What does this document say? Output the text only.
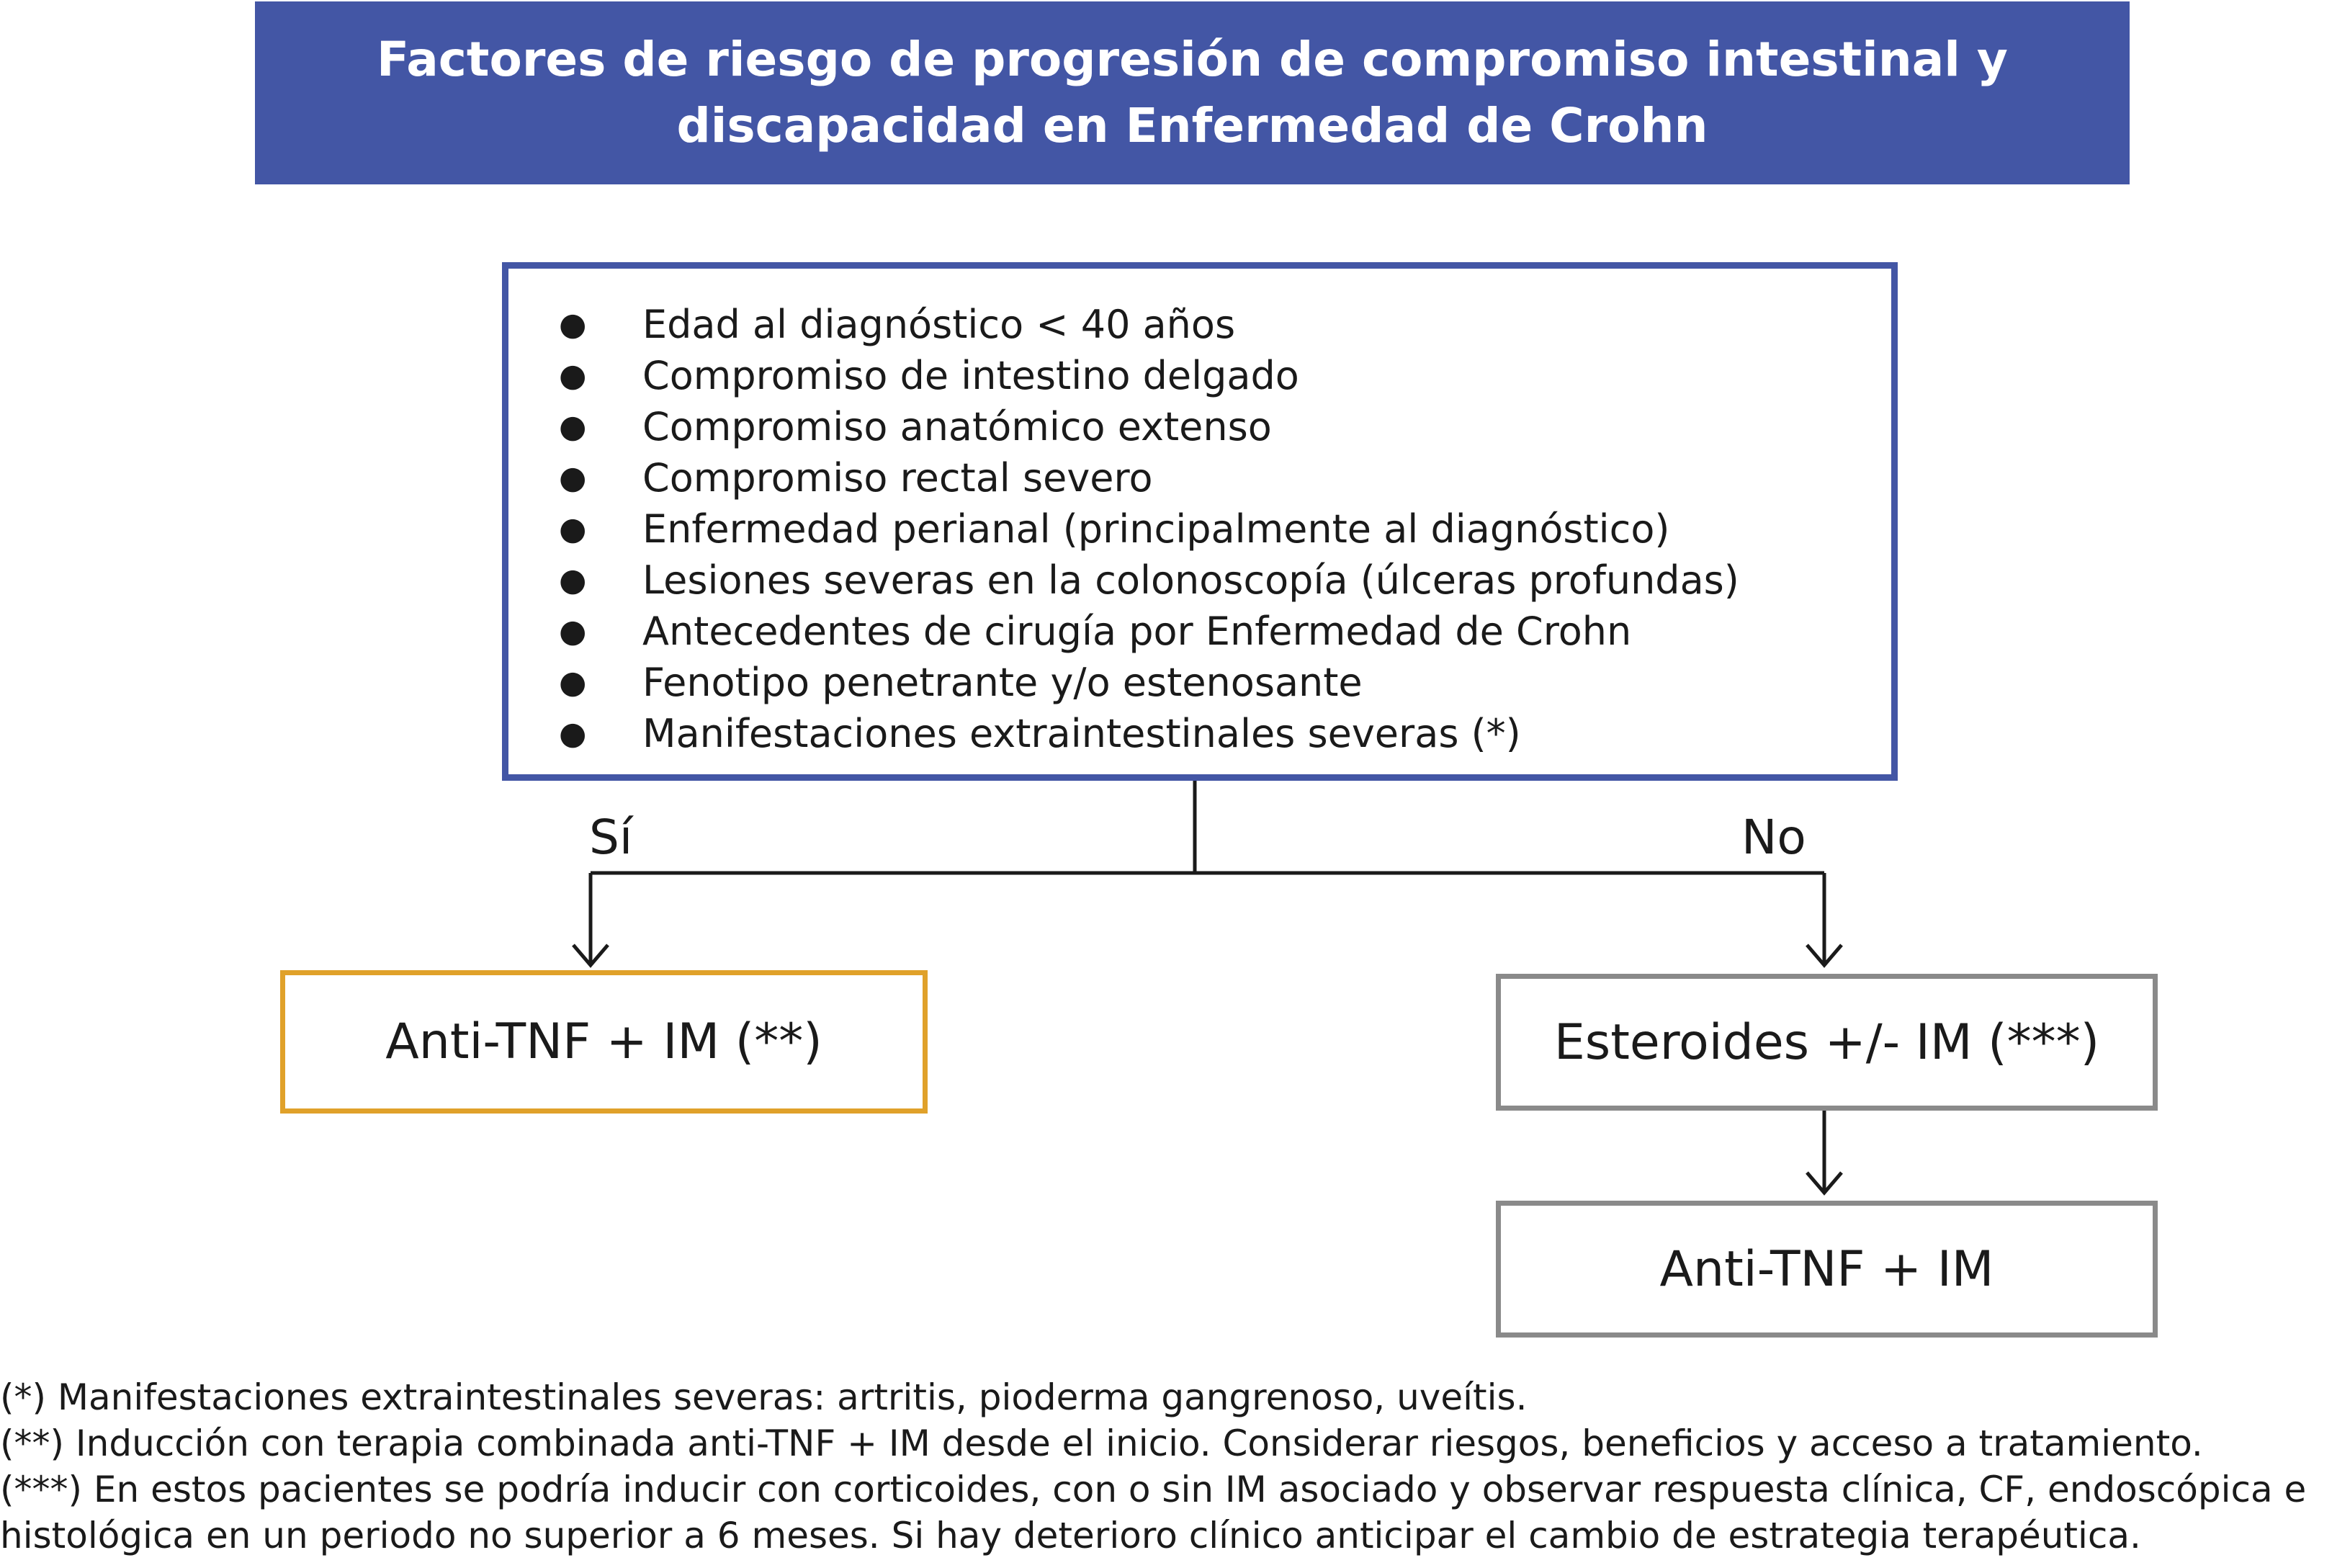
Factores de riesgo de progresión de compromiso intestinal y discapacidad en Enfermedad de Crohn
●	Edad al diagnóstico < 40 años
●	Compromiso de intestino delgado
●	Compromiso anatómico extenso
●	Compromiso rectal severo
●	Enfermedad perianal (principalmente al diagnóstico)
●	Lesiones severas en la colonoscopía (úlceras profundas)
●	Antecedentes de cirugía por Enfermedad de Crohn
●	Fenotipo penetrante y/o estenosante
●	Manifestaciones extraintestinales severas (*)
Sí	No
Anti-TNF + IM (**)	Esteroides +/- IM (***)
Anti-TNF + IM
(*) Manifestaciones extraintestinales severas: artritis, pioderma gangrenoso, uveítis.
(**) Inducción con terapia combinada anti-TNF + IM desde el inicio. Considerar riesgos, beneficios y acceso a tratamiento.
(***) En estos pacientes se podría inducir con corticoides, con o sin IM asociado y observar respuesta clínica, CF, endoscópica e
histológica en un periodo no superior a 6 meses. Si hay deterioro clínico anticipar el cambio de estrategia terapéutica.
